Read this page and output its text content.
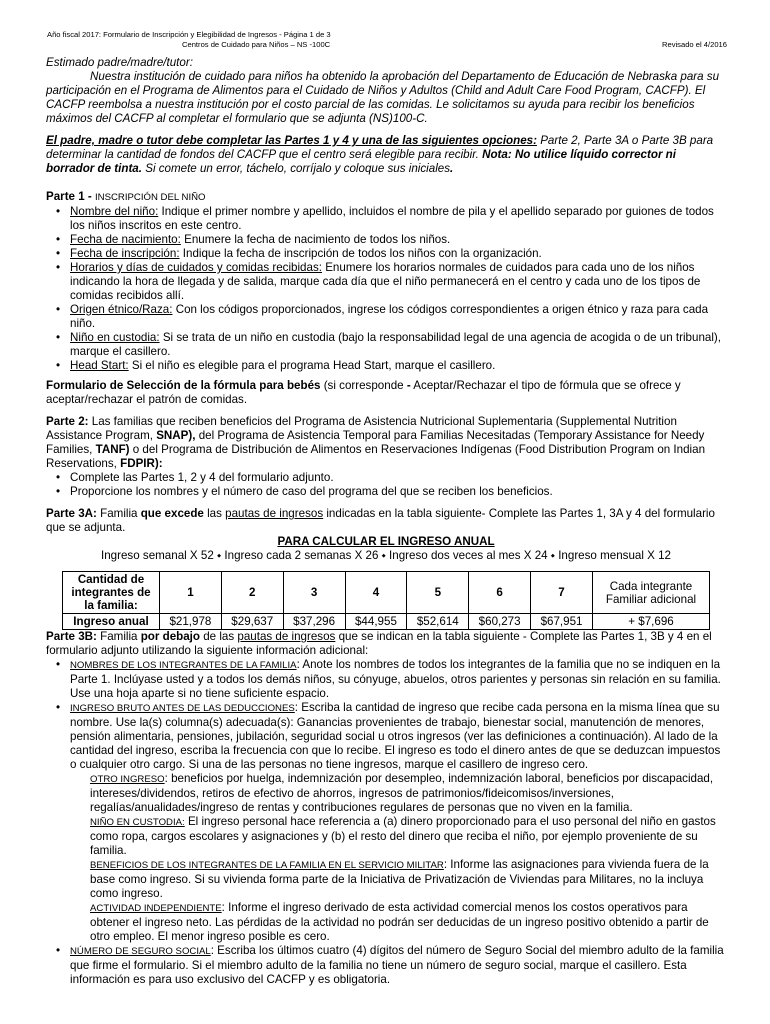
Año fiscal 2017: Formulario de Inscripción y Elegibilidad de Ingresos - Página 1 de 3
Centros de Cuidado para Niños – NS -100C	Revisado el 4/2016

Estimado padre/madre/tutor:

Nuestra institución de cuidado para niños ha obtenido la aprobación del Departamento de Educación de Nebraska para su participación en el Programa de Alimentos para el Cuidado de Niños y Adultos (Child and Adult Care Food Program, CACFP). El CACFP reembolsa a nuestra institución por el costo parcial de las comidas. Le solicitamos su ayuda para recibir los beneficios máximos del CACFP al completar el formulario que se adjunta (NS)100-C.

El padre, madre o tutor debe completar las Partes 1 y 4 y una de las siguientes opciones: Parte 2, Parte 3A o Parte 3B para determinar la cantidad de fondos del CACFP que el centro será elegible para recibir. Nota: No utilice líquido corrector ni borrador de tinta. Si comete un error, táchelo, corríjalo y coloque sus iniciales.

Parte 1 - INSCRIPCIÓN DEL NIÑO

• Nombre del niño: Indique el primer nombre y apellido, incluidos el nombre de pila y el apellido separado por guiones de todos los niños inscritos en este centro.
• Fecha de nacimiento: Enumere la fecha de nacimiento de todos los niños.
• Fecha de inscripción: Indique la fecha de inscripción de todos los niños con la organización.
• Horarios y días de cuidados y comidas recibidas: Enumere los horarios normales de cuidados para cada uno de los niños indicando la hora de llegada y de salida, marque cada día que el niño permanecerá en el centro y cada uno de los tipos de comidas recibidos allí.
• Origen étnico/Raza: Con los códigos proporcionados, ingrese los códigos correspondientes a origen étnico y raza para cada niño.
• Niño en custodia: Si se trata de un niño en custodia (bajo la responsabilidad legal de una agencia de acogida o de un tribunal), marque el casillero.
• Head Start: Si el niño es elegible para el programa Head Start, marque el casillero.

Formulario de Selección de la fórmula para bebés (si corresponde - Aceptar/Rechazar el tipo de fórmula que se ofrece y aceptar/rechazar el patrón de comidas.

Parte 2: Las familias que reciben beneficios del Programa de Asistencia Nutricional Suplementaria (Supplemental Nutrition Assistance Program, SNAP), del Programa de Asistencia Temporal para Familias Necesitadas (Temporary Assistance for Needy Families, TANF) o del Programa de Distribución de Alimentos en Reservaciones Indígenas (Food Distribution Program on Indian Reservations, FDPIR):

• Complete las Partes 1, 2 y 4 del formulario adjunto.
• Proporcione los nombres y el número de caso del programa del que se reciben los beneficios.

Parte 3A: Familia que excede las pautas de ingresos indicadas en la tabla siguiente- Complete las Partes 1, 3A y 4 del formulario que se adjunta.

PARA CALCULAR EL INGRESO ANUAL

Ingreso semanal X 52 ⬩ Ingreso cada 2 semanas X 26 ⬩ Ingreso dos veces al mes X 24 ⬩ Ingreso mensual X 12

Cantidad de integrantes de la familia:	1	2	3	4	5	6	7	Cada integrante Familiar adicional
Ingreso anual	$21,978	$29,637	$37,296	$44,955	$52,614	$60,273	$67,951	+ $7,696

Parte 3B: Familia por debajo de las pautas de ingresos que se indican en la tabla siguiente - Complete las Partes 1, 3B y 4 en el formulario adjunto utilizando la siguiente información adicional:

• NOMBRES DE LOS INTEGRANTES DE LA FAMILIA: Anote los nombres de todos los integrantes de la familia que no se indiquen en la Parte 1. Inclúyase usted y a todos los demás niños, su cónyuge, abuelos, otros parientes y personas sin relación en su familia. Use una hoja aparte si no tiene suficiente espacio.
• INGRESO BRUTO ANTES DE LAS DEDUCCIONES: Escriba la cantidad de ingreso que recibe cada persona en la misma línea que su nombre. Use la(s) columna(s) adecuada(s): Ganancias provenientes de trabajo, bienestar social, manutención de menores, pensión alimentaria, pensiones, jubilación, seguridad social u otros ingresos (ver las definiciones a continuación). Al lado de la cantidad del ingreso, escriba la frecuencia con que lo recibe. El ingreso es todo el dinero antes de que se deduzcan impuestos o cualquier otro cargo. Si una de las personas no tiene ingresos, marque el casillero de ingreso cero.

OTRO INGRESO: beneficios por huelga, indemnización por desempleo, indemnización laboral, beneficios por discapacidad, intereses/dividendos, retiros de efectivo de ahorros, ingresos de patrimonios/fideicomisos/inversiones, regalías/anualidades/ingreso de rentas y contribuciones regulares de personas que no viven en la familia.

NIÑO EN CUSTODIA: El ingreso personal hace referencia a (a) dinero proporcionado para el uso personal del niño en gastos como ropa, cargos escolares y asignaciones y (b) el resto del dinero que reciba el niño, por ejemplo proveniente de su familia.

BENEFICIOS DE LOS INTEGRANTES DE LA FAMILIA EN EL SERVICIO MILITAR: Informe las asignaciones para vivienda fuera de la base como ingreso. Si su vivienda forma parte de la Iniciativa de Privatización de Viviendas para Militares, no la incluya como ingreso.

ACTIVIDAD INDEPENDIENTE: Informe el ingreso derivado de esta actividad comercial menos los costos operativos para obtener el ingreso neto. Las pérdidas de la actividad no podrán ser deducidas de un ingreso positivo obtenido a partir de otro empleo. El menor ingreso posible es cero.

• NÚMERO DE SEGURO SOCIAL: Escriba los últimos cuatro (4) dígitos del número de Seguro Social del miembro adulto de la familia que firme el formulario. Si el miembro adulto de la familia no tiene un número de seguro social, marque el casillero. Esta información es para uso exclusivo del CACFP y es obligatoria.
